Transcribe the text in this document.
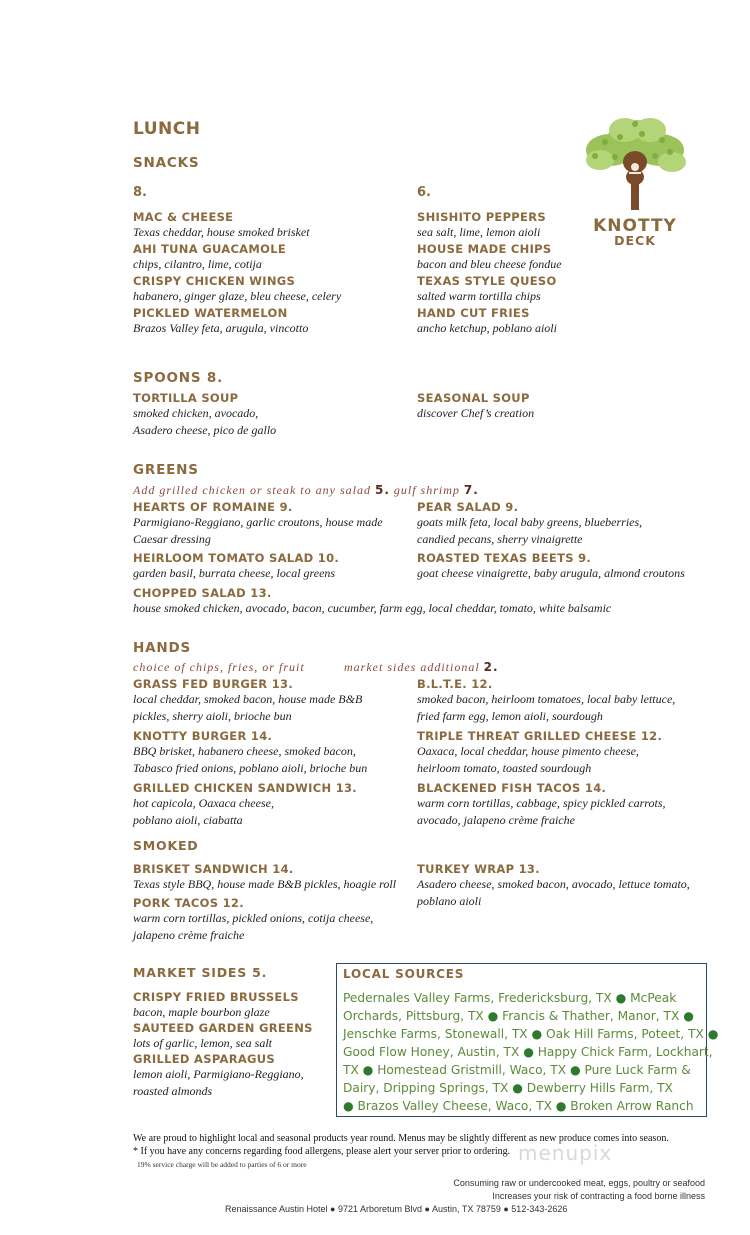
LUNCH
KNOTTY
DECK
SNACKS
8.	6.
MAC & CHEESE
Texas cheddar, house smoked brisket
AHI TUNA GUACAMOLE
chips, cilantro, lime, cotija
CRISPY CHICKEN WINGS
habanero, ginger glaze, bleu cheese, celery
PICKLED WATERMELON
Brazos Valley feta, arugula, vincotto
SHISHITO PEPPERS
sea salt, lime, lemon aioli
HOUSE MADE CHIPS
bacon and bleu cheese fondue
TEXAS STYLE QUESO
salted warm tortilla chips
HAND CUT FRIES
ancho ketchup, poblano aioli
SPOONS 8.
TORTILLA SOUP
smoked chicken, avocado,
Asadero cheese, pico de gallo
SEASONAL SOUP
discover Chef’s creation
GREENS
Add grilled chicken or steak to any salad 5. gulf shrimp 7.
HEARTS OF ROMAINE 9.
Parmigiano-Reggiano, garlic croutons, house made
Caesar dressing
PEAR SALAD 9.
goats milk feta, local baby greens, blueberries,
candied pecans, sherry vinaigrette
HEIRLOOM TOMATO SALAD 10.
garden basil, burrata cheese, local greens
ROASTED TEXAS BEETS 9.
goat cheese vinaigrette, baby arugula, almond croutons
CHOPPED SALAD 13.
house smoked chicken, avocado, bacon, cucumber, farm egg, local cheddar, tomato, white balsamic
HANDS
choice of chips, fries, or fruit	market sides additional 2.
GRASS FED BURGER 13.
local cheddar, smoked bacon, house made B&B
pickles, sherry aioli, brioche bun
B.L.T.E. 12.
smoked bacon, heirloom tomatoes, local baby lettuce,
fried farm egg, lemon aioli, sourdough
KNOTTY BURGER 14.
BBQ brisket, habanero cheese, smoked bacon,
Tabasco fried onions, poblano aioli, brioche bun
TRIPLE THREAT GRILLED CHEESE 12.
Oaxaca, local cheddar, house pimento cheese,
heirloom tomato, toasted sourdough
GRILLED CHICKEN SANDWICH 13.
hot capicola, Oaxaca cheese,
poblano aioli, ciabatta
BLACKENED FISH TACOS 14.
warm corn tortillas, cabbage, spicy pickled carrots,
avocado, jalapeno crème fraiche
SMOKED
BRISKET SANDWICH 14.
Texas style BBQ, house made B&B pickles, hoagie roll
TURKEY WRAP 13.
Asadero cheese, smoked bacon, avocado, lettuce tomato,
poblano aioli
PORK TACOS 12.
warm corn tortillas, pickled onions, cotija cheese,
jalapeno crème fraiche
MARKET SIDES 5.
CRISPY FRIED BRUSSELS
bacon, maple bourbon glaze
SAUTEED GARDEN GREENS
lots of garlic, lemon, sea salt
GRILLED ASPARAGUS
lemon aioli, Parmigiano-Reggiano,
roasted almonds
LOCAL SOURCES
Pedernales Valley Farms, Fredericksburg, TX ● McPeak
Orchards, Pittsburg, TX ● Francis & Thather, Manor, TX ●
Jenschke Farms, Stonewall, TX ● Oak Hill Farms, Poteet, TX ●
Good Flow Honey, Austin, TX ● Happy Chick Farm, Lockhart,
TX ● Homestead Gristmill, Waco, TX ● Pure Luck Farm &
Dairy, Dripping Springs, TX ● Dewberry Hills Farm, TX
● Brazos Valley Cheese, Waco, TX ● Broken Arrow Ranch
We are proud to highlight local and seasonal products year round. Menus may be slightly different as new produce comes into season.
* If you have any concerns regarding food allergens, please alert your server prior to ordering.
19% service charge will be added to parties of 6 or more	menupix
Consuming raw or undercooked meat, eggs, poultry or seafood
Increases your risk of contracting a food borne illness
Renaissance Austin Hotel ● 9721 Arboretum Blvd ● Austin, TX 78759 ● 512-343-2626
